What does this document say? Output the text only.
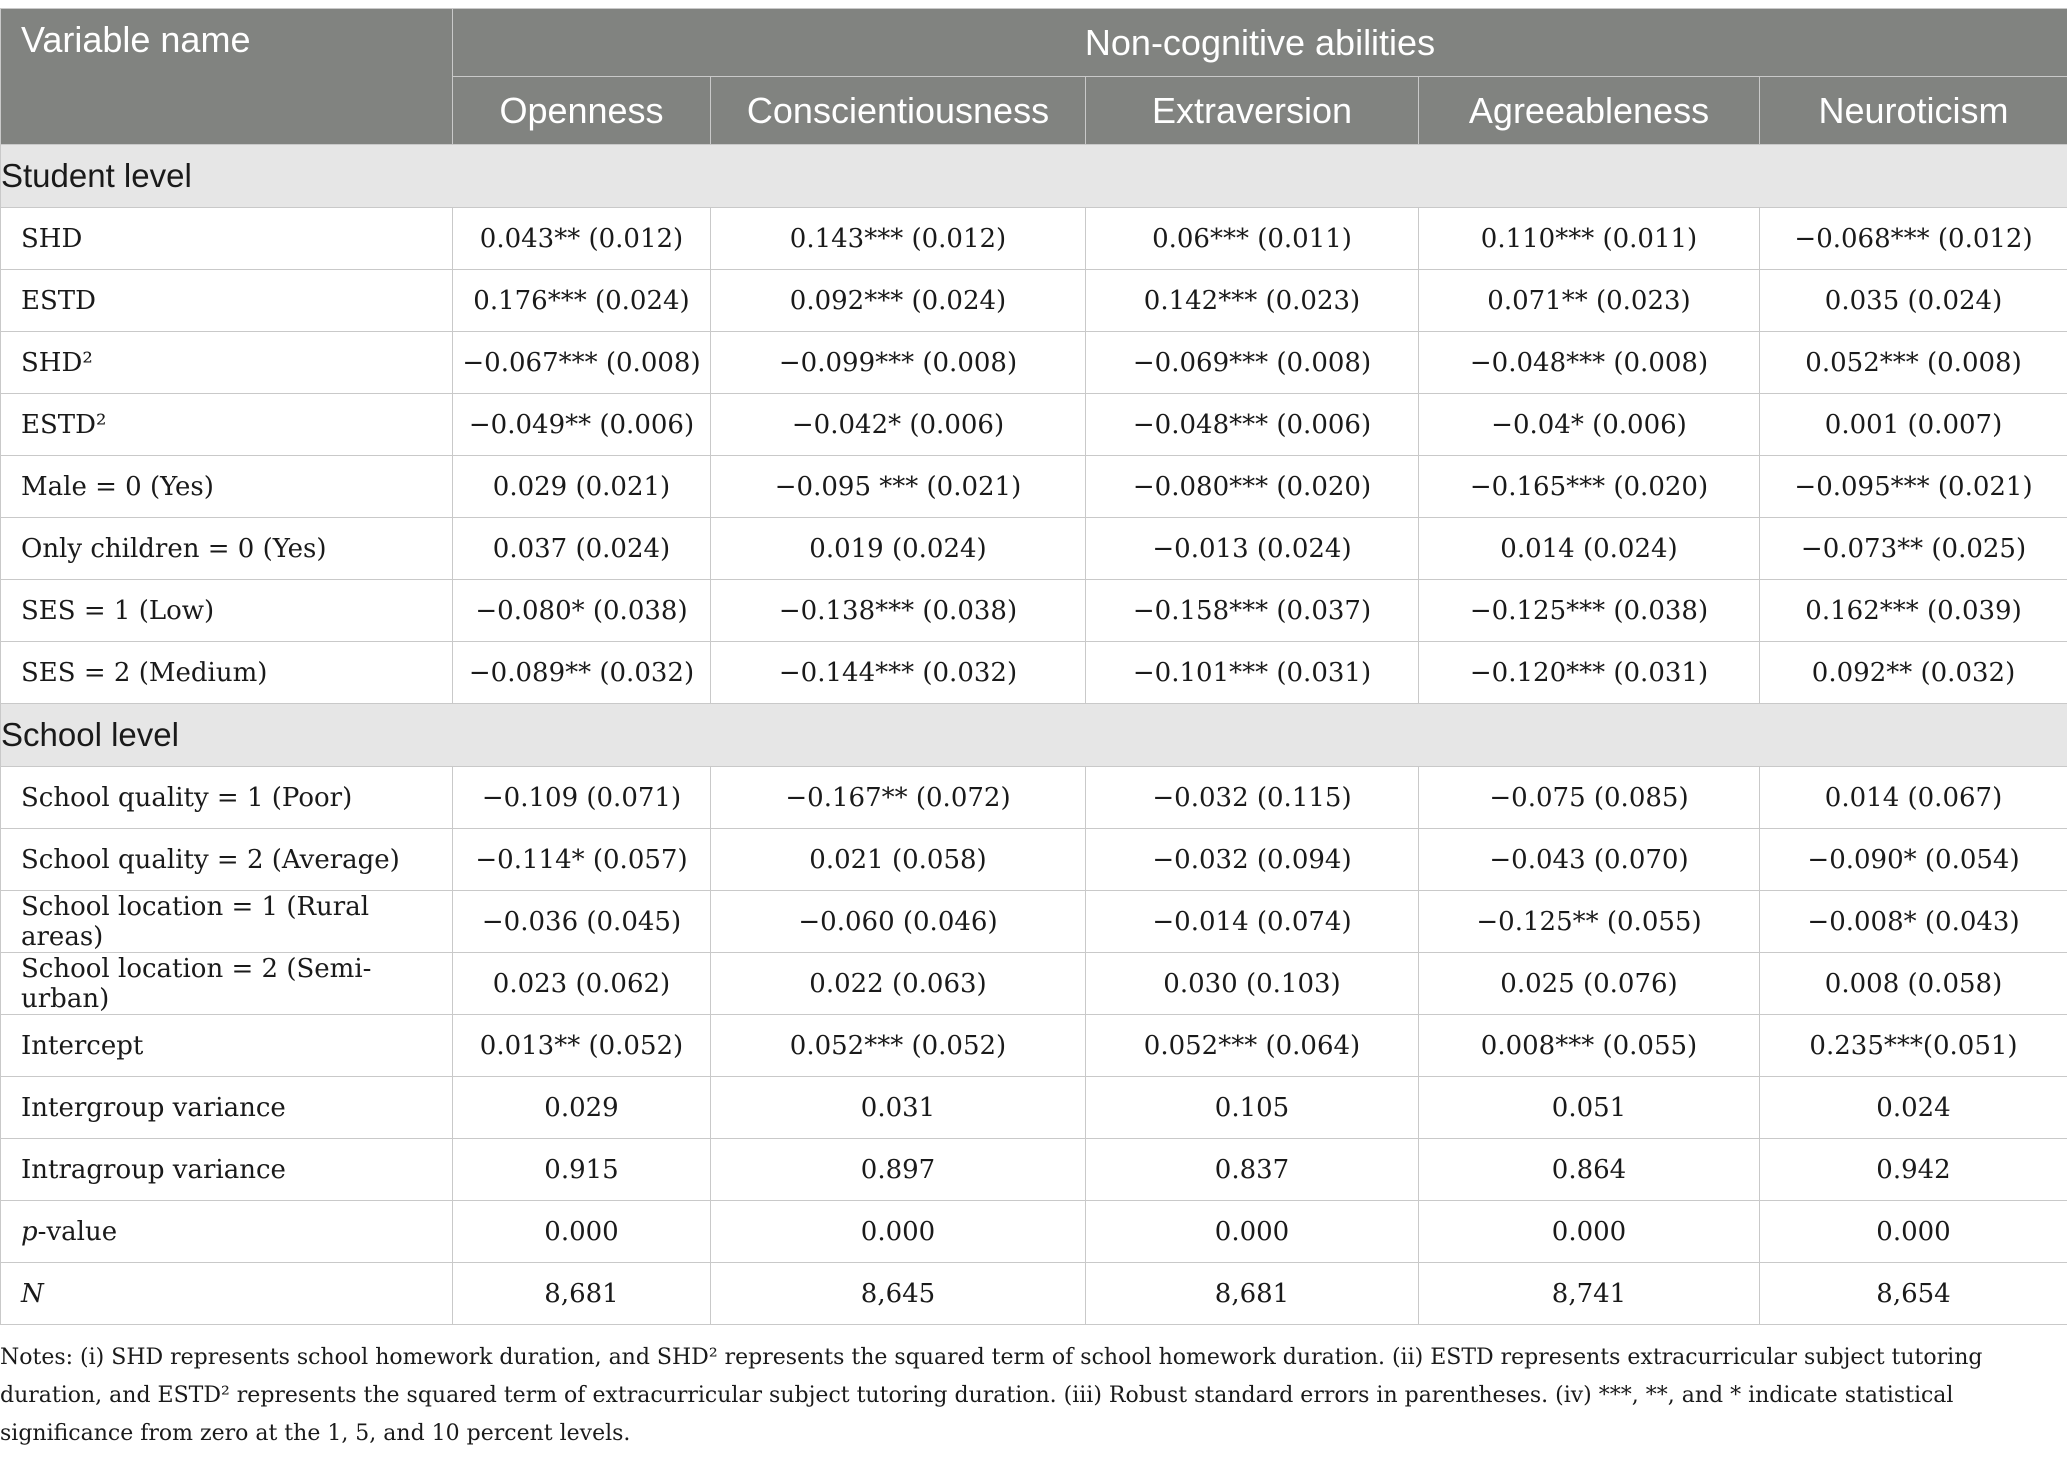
Variable name	Non-cognitive abilities				
	Openness	Conscientiousness	Extraversion	Agreeableness	Neuroticism
Student level					
SHD	0.043** (0.012)	0.143*** (0.012)	0.06*** (0.011)	0.110*** (0.011)	−0.068*** (0.012)
ESTD	0.176*** (0.024)	0.092*** (0.024)	0.142*** (0.023)	0.071** (0.023)	0.035 (0.024)
SHD²	−0.067*** (0.008)	−0.099*** (0.008)	−0.069*** (0.008)	−0.048*** (0.008)	0.052*** (0.008)
ESTD²	−0.049** (0.006)	−0.042* (0.006)	−0.048*** (0.006)	−0.04* (0.006)	0.001 (0.007)
Male = 0 (Yes)	0.029 (0.021)	−0.095 *** (0.021)	−0.080*** (0.020)	−0.165*** (0.020)	−0.095*** (0.021)
Only children = 0 (Yes)	0.037 (0.024)	0.019 (0.024)	−0.013 (0.024)	0.014 (0.024)	−0.073** (0.025)
SES = 1 (Low)	−0.080* (0.038)	−0.138*** (0.038)	−0.158*** (0.037)	−0.125*** (0.038)	0.162*** (0.039)
SES = 2 (Medium)	−0.089** (0.032)	−0.144*** (0.032)	−0.101*** (0.031)	−0.120*** (0.031)	0.092** (0.032)
School level					
School quality = 1 (Poor)	−0.109 (0.071)	−0.167** (0.072)	−0.032 (0.115)	−0.075 (0.085)	0.014 (0.067)
School quality = 2 (Average)	−0.114* (0.057)	0.021 (0.058)	−0.032 (0.094)	−0.043 (0.070)	−0.090* (0.054)
School location = 1 (Rural areas)	−0.036 (0.045)	−0.060 (0.046)	−0.014 (0.074)	−0.125** (0.055)	−0.008* (0.043)
School location = 2 (Semi-urban)	0.023 (0.062)	0.022 (0.063)	0.030 (0.103)	0.025 (0.076)	0.008 (0.058)
Intercept	0.013** (0.052)	0.052*** (0.052)	0.052*** (0.064)	0.008*** (0.055)	0.235***(0.051)
Intergroup variance	0.029	0.031	0.105	0.051	0.024
Intragroup variance	0.915	0.897	0.837	0.864	0.942
p-value	0.000	0.000	0.000	0.000	0.000
N	8,681	8,645	8,681	8,741	8,654
Notes: (i) SHD represents school homework duration, and SHD² represents the squared term of school homework duration. (ii) ESTD represents extracurricular subject tutoring duration, and ESTD² represents the squared term of extracurricular subject tutoring duration. (iii) Robust standard errors in parentheses. (iv) ***, **, and * indicate statistical significance from zero at the 1, 5, and 10 percent levels.
